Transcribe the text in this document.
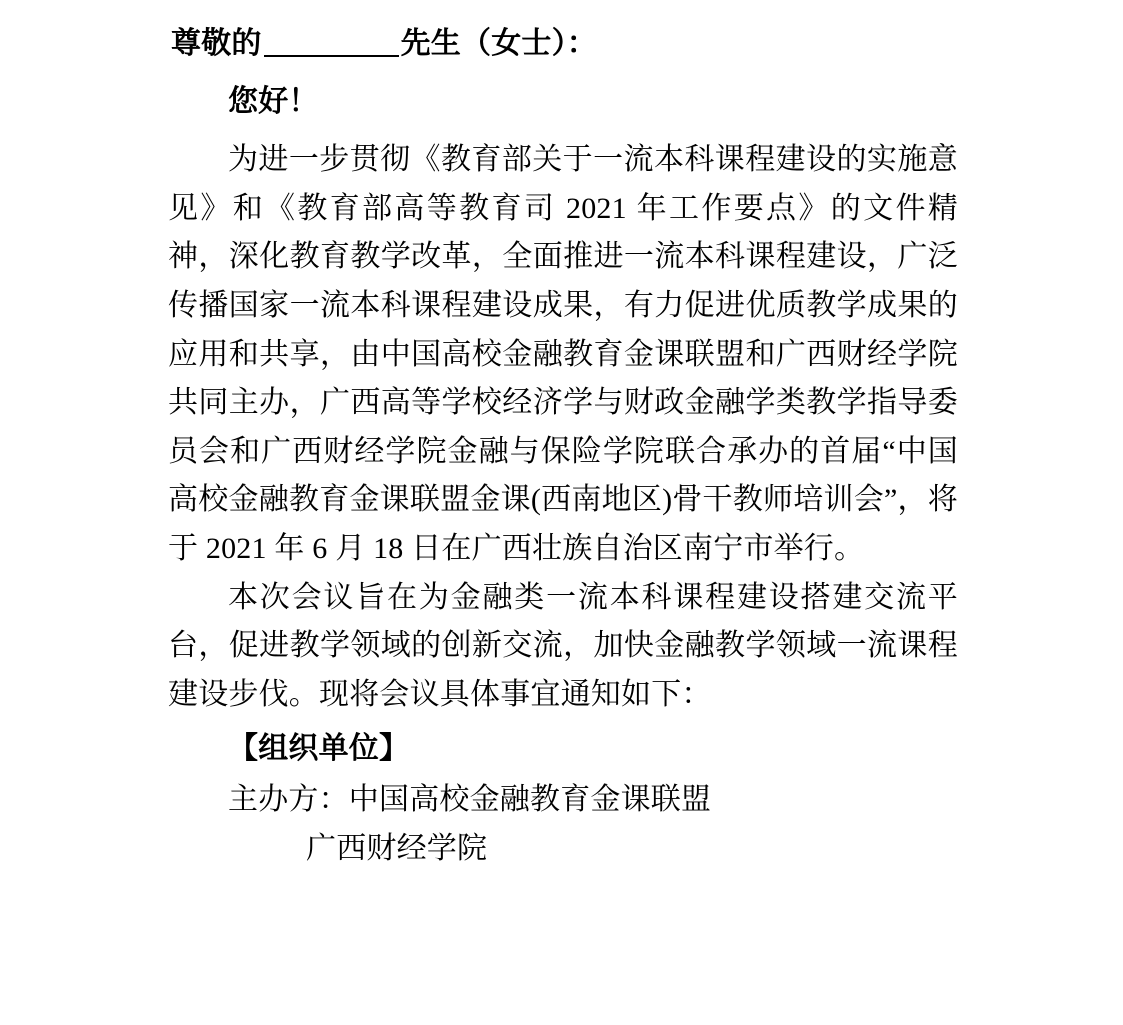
尊敬的	先生（女士）：

您好！

为进一步贯彻《教育部关于一流本科课程建设的实施意见》和《教育部高等教育司 2021 年工作要点》的文件精神，深化教育教学改革，全面推进一流本科课程建设，广泛传播国家一流本科课程建设成果，有力促进优质教学成果的应用和共享，由中国高校金融教育金课联盟和广西财经学院共同主办，广西高等学校经济学与财政金融学类教学指导委员会和广西财经学院金融与保险学院联合承办的首届“中国高校金融教育金课联盟金课(西南地区)骨干教师培训会”，将于 2021 年 6 月 18 日在广西壮族自治区南宁市举行。

本次会议旨在为金融类一流本科课程建设搭建交流平台，促进教学领域的创新交流，加快金融教学领域一流课程建设步伐。现将会议具体事宜通知如下：

【组织单位】

主办方：中国高校金融教育金课联盟

广西财经学院
